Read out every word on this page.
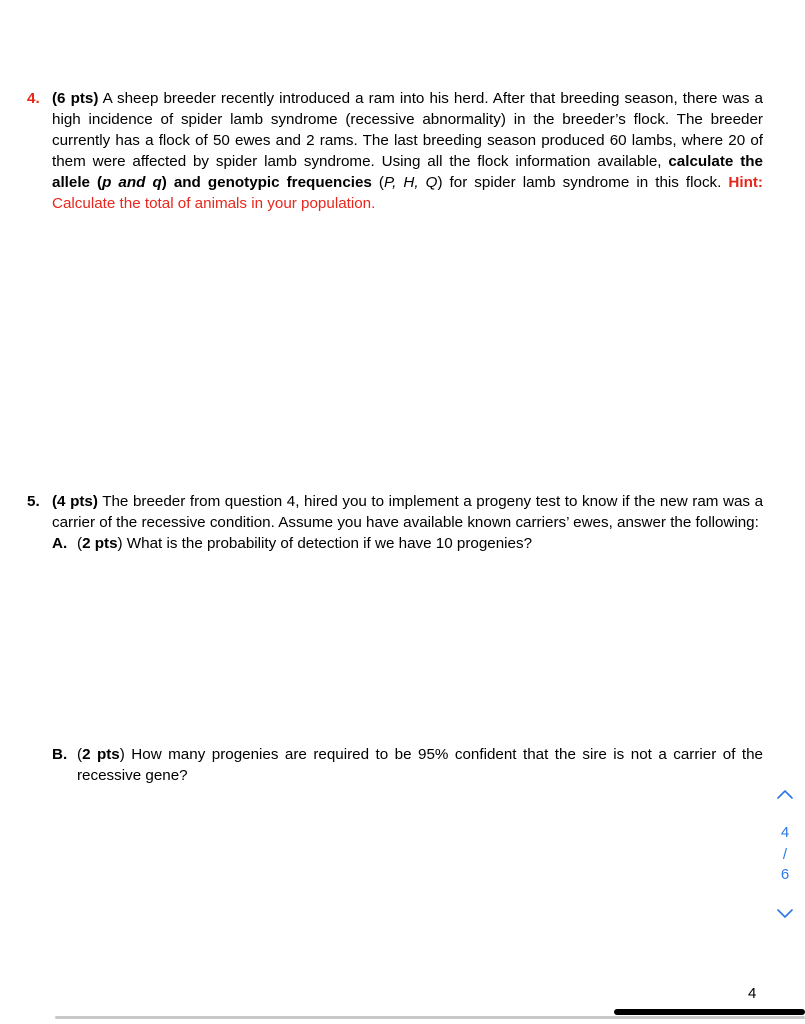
4. (6 pts) A sheep breeder recently introduced a ram into his herd. After that breeding season, there was a high incidence of spider lamb syndrome (recessive abnormality) in the breeder’s flock. The breeder currently has a flock of 50 ewes and 2 rams. The last breeding season produced 60 lambs, where 20 of them were affected by spider lamb syndrome. Using all the flock information available, calculate the allele (p and q) and genotypic frequencies (P, H, Q) for spider lamb syndrome in this flock. Hint: Calculate the total of animals in your population.
5. (4 pts) The breeder from question 4, hired you to implement a progeny test to know if the new ram was a carrier of the recessive condition. Assume you have available known carriers’ ewes, answer the following:
A. (2 pts) What is the probability of detection if we have 10 progenies?
B. (2 pts) How many progenies are required to be 95% confident that the sire is not a carrier of the recessive gene?
4
/
6
4
